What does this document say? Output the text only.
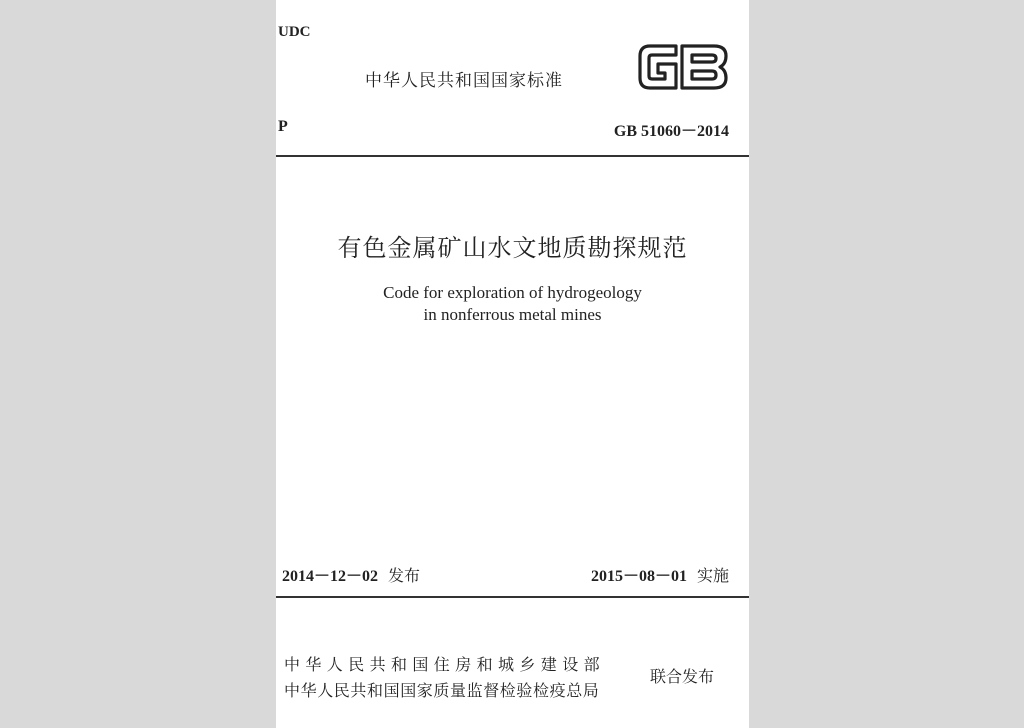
UDC
中华人民共和国国家标准
P	GB 51060－2014
有色金属矿山水文地质勘探规范
Code for exploration of hydrogeology
in nonferrous metal mines
2014－12－02 发布	2015－08－01 实施
中华人民共和国住房和城乡建设部
中华人民共和国国家质量监督检验检疫总局
联合发布
